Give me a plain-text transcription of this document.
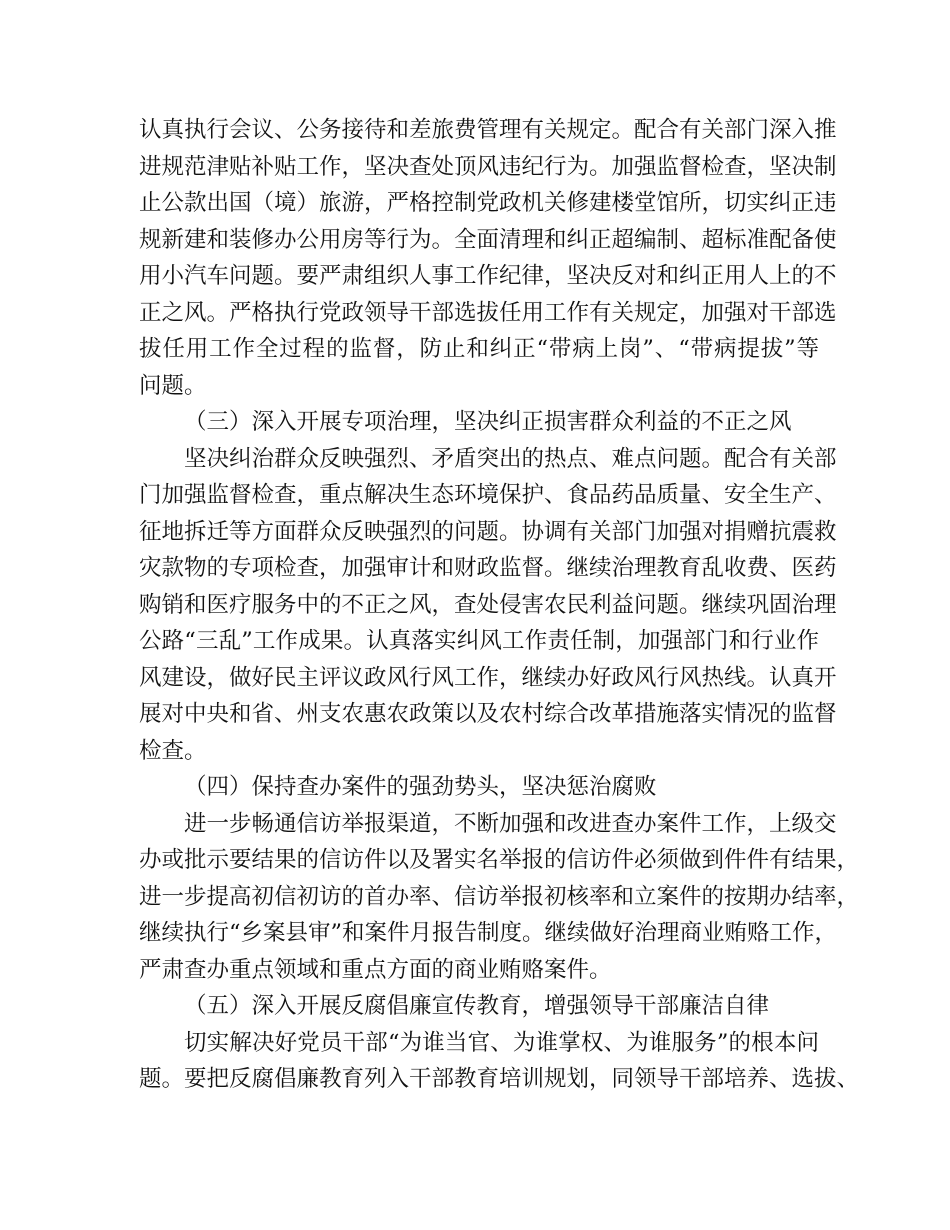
认真执行会议、公务接待和差旅费管理有关规定。配合有关部门深入推
进规范津贴补贴工作，坚决查处顶风违纪行为。加强监督检查，坚决制
止公款出国（境）旅游，严格控制党政机关修建楼堂馆所，切实纠正违
规新建和装修办公用房等行为。全面清理和纠正超编制、超标准配备使
用小汽车问题。要严肃组织人事工作纪律，坚决反对和纠正用人上的不
正之风。严格执行党政领导干部选拔任用工作有关规定，加强对干部选
拔任用工作全过程的监督，防止和纠正“带病上岗”、“带病提拔”等
问题。
（三）深入开展专项治理，坚决纠正损害群众利益的不正之风
坚决纠治群众反映强烈、矛盾突出的热点、难点问题。配合有关部
门加强监督检查，重点解决生态环境保护、食品药品质量、安全生产、
征地拆迁等方面群众反映强烈的问题。协调有关部门加强对捐赠抗震救
灾款物的专项检查，加强审计和财政监督。继续治理教育乱收费、医药
购销和医疗服务中的不正之风，查处侵害农民利益问题。继续巩固治理
公路“三乱”工作成果。认真落实纠风工作责任制，加强部门和行业作
风建设，做好民主评议政风行风工作，继续办好政风行风热线。认真开
展对中央和省、州支农惠农政策以及农村综合改革措施落实情况的监督
检查。
（四）保持查办案件的强劲势头，坚决惩治腐败
进一步畅通信访举报渠道，不断加强和改进查办案件工作，上级交
办或批示要结果的信访件以及署实名举报的信访件必须做到件件有结果，
进一步提高初信初访的首办率、信访举报初核率和立案件的按期办结率，
继续执行“乡案县审”和案件月报告制度。继续做好治理商业贿赂工作，
严肃查办重点领域和重点方面的商业贿赂案件。
（五）深入开展反腐倡廉宣传教育，增强领导干部廉洁自律
切实解决好党员干部“为谁当官、为谁掌权、为谁服务”的根本问
题。要把反腐倡廉教育列入干部教育培训规划，同领导干部培养、选拔、
